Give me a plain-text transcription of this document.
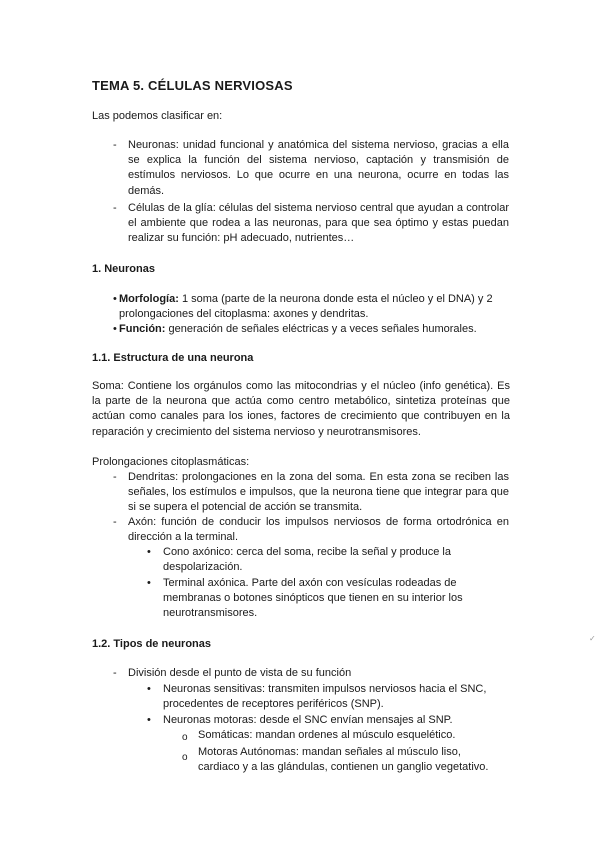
TEMA 5. CÉLULAS NERVIOSAS
Las podemos clasificar en:
- Neuronas: unidad funcional y anatómica del sistema nervioso, gracias a ella se explica la función del sistema nervioso, captación y transmisión de estímulos nerviosos. Lo que ocurre en una neurona, ocurre en todas las demás.
- Células de la glía: células del sistema nervioso central que ayudan a controlar el ambiente que rodea a las neuronas, para que sea óptimo y estas puedan realizar su función: pH adecuado, nutrientes…
1. Neuronas
• Morfología: 1 soma (parte de la neurona donde esta el núcleo y el DNA) y 2 prolongaciones del citoplasma: axones y dendritas.
• Función: generación de señales eléctricas y a veces señales humorales.
1.1. Estructura de una neurona
Soma: Contiene los orgánulos como las mitocondrias y el núcleo (info genética). Es la parte de la neurona que actúa como centro metabólico, sintetiza proteínas que actúan como canales para los iones, factores de crecimiento que contribuyen en la reparación y crecimiento del sistema nervioso y neurotransmisores.
Prolongaciones citoplasmáticas:
- Dendritas: prolongaciones en la zona del soma. En esta zona se reciben las señales, los estímulos e impulsos, que la neurona tiene que integrar para que si se supera el potencial de acción se transmita.
- Axón: función de conducir los impulsos nerviosos de forma ortodrónica en dirección a la terminal.
• Cono axónico: cerca del soma, recibe la señal y produce la despolarización.
• Terminal axónica. Parte del axón con vesículas rodeadas de membranas o botones sinópticos que tienen en su interior los neurotransmisores.
1.2. Tipos de neuronas
- División desde el punto de vista de su función
• Neuronas sensitivas: transmiten impulsos nerviosos hacia el SNC, procedentes de receptores periféricos (SNP).
• Neuronas motoras: desde el SNC envían mensajes al SNP.
o Somáticas: mandan ordenes al músculo esquelético.
o Motoras Autónomas: mandan señales al músculo liso, cardiaco y a las glándulas, contienen un ganglio vegetativo.
✓
